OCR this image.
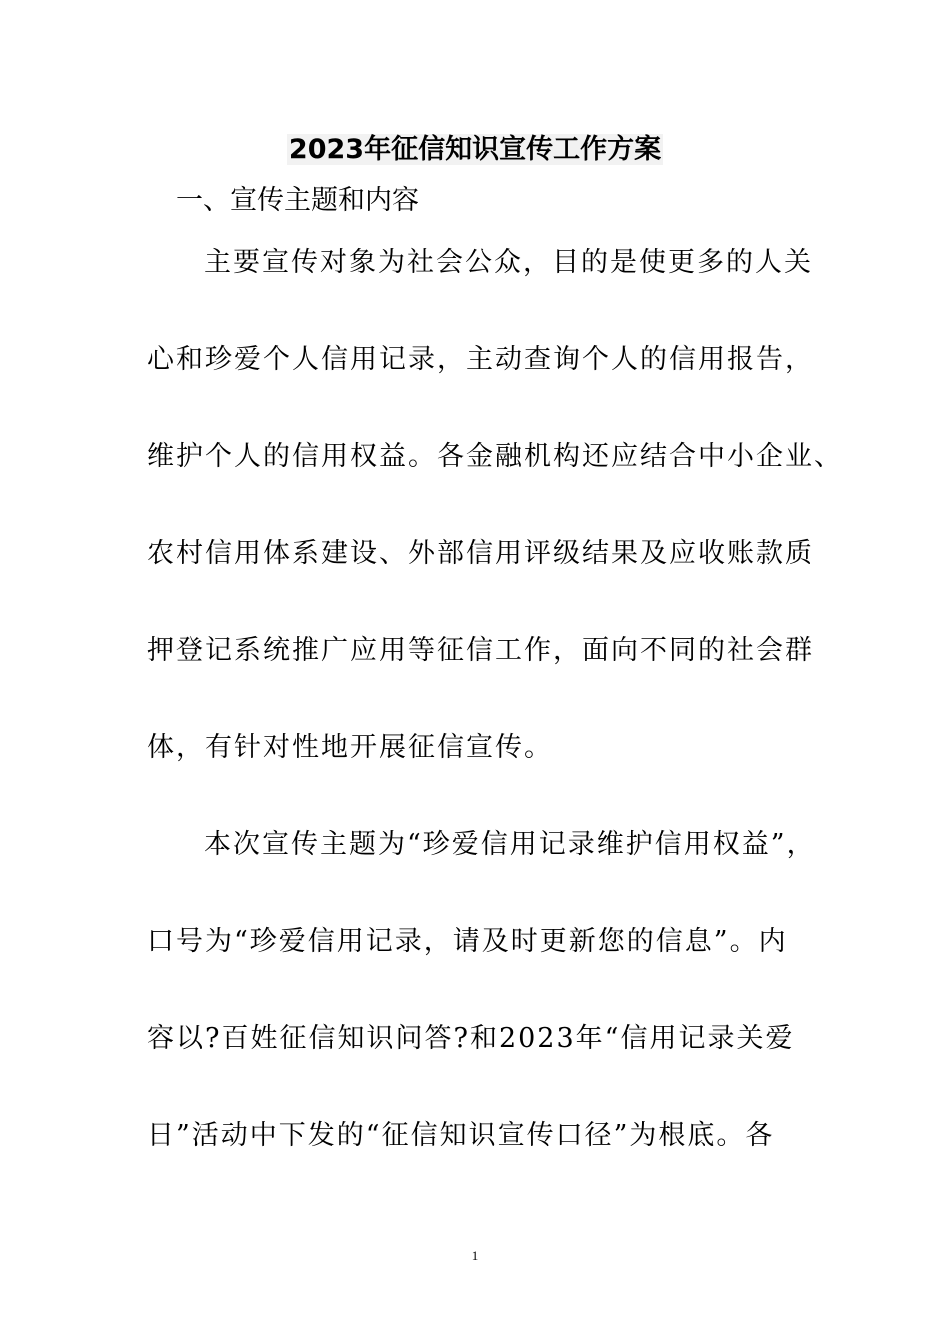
2023年征信知识宣传工作方案
一、宣传主题和内容
主要宣传对象为社会公众，目的是使更多的人关
心和珍爱个人信用记录，主动查询个人的信用报告，
维护个人的信用权益。各金融机构还应结合中小企业、
农村信用体系建设、外部信用评级结果及应收账款质
押登记系统推广应用等征信工作，面向不同的社会群
体，有针对性地开展征信宣传。
本次宣传主题为“珍爱信用记录维护信用权益”，
口号为“珍爱信用记录，请及时更新您的信息”。内
容以?百姓征信知识问答?和2023年“信用记录关爱
日”活动中下发的“征信知识宣传口径”为根底。各
1
